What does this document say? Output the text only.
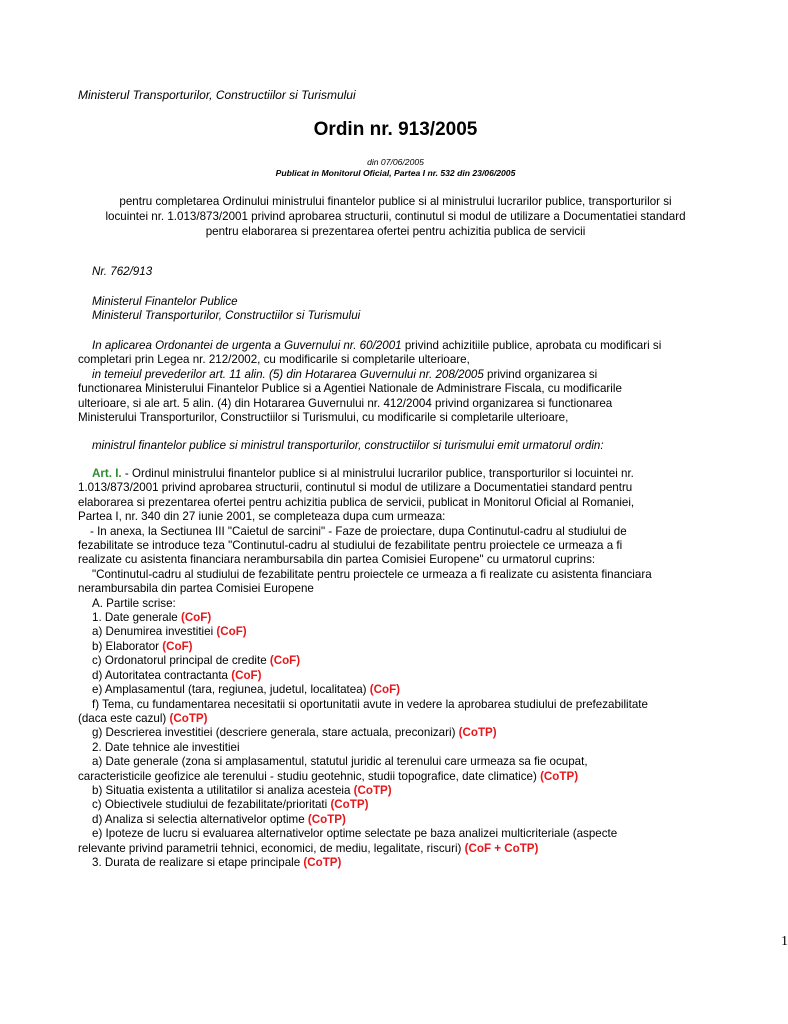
Ministerul Transporturilor, Constructiilor si Turismului
Ordin nr. 913/2005
din 07/06/2005
Publicat in Monitorul Oficial, Partea I nr. 532 din 23/06/2005
pentru completarea Ordinului ministrului finantelor publice si al ministrului lucrarilor publice, transporturilor si
locuintei nr. 1.013/873/2001 privind aprobarea structurii, continutul si modul de utilizare a Documentatiei standard
pentru elaborarea si prezentarea ofertei pentru achizitia publica de servicii
Nr. 762/913
Ministerul Finantelor Publice
Ministerul Transporturilor, Constructiilor si Turismului
In aplicarea Ordonantei de urgenta a Guvernului nr. 60/2001 privind achizitiile publice, aprobata cu modificari si
completari prin Legea nr. 212/2002, cu modificarile si completarile ulterioare,
in temeiul prevederilor art. 11 alin. (5) din Hotararea Guvernului nr. 208/2005 privind organizarea si
functionarea Ministerului Finantelor Publice si a Agentiei Nationale de Administrare Fiscala, cu modificarile
ulterioare, si ale art. 5 alin. (4) din Hotararea Guvernului nr. 412/2004 privind organizarea si functionarea
Ministerului Transporturilor, Constructiilor si Turismului, cu modificarile si completarile ulterioare,
ministrul finantelor publice si ministrul transporturilor, constructiilor si turismului emit urmatorul ordin:
Art. I. - Ordinul ministrului finantelor publice si al ministrului lucrarilor publice, transporturilor si locuintei nr.
1.013/873/2001 privind aprobarea structurii, continutul si modul de utilizare a Documentatiei standard pentru
elaborarea si prezentarea ofertei pentru achizitia publica de servicii, publicat in Monitorul Oficial al Romaniei,
Partea I, nr. 340 din 27 iunie 2001, se completeaza dupa cum urmeaza:
- In anexa, la Sectiunea III "Caietul de sarcini" - Faze de proiectare, dupa Continutul-cadru al studiului de
fezabilitate se introduce teza "Continutul-cadru al studiului de fezabilitate pentru proiectele ce urmeaza a fi
realizate cu asistenta financiara nerambursabila din partea Comisiei Europene" cu urmatorul cuprins:
"Continutul-cadru al studiului de fezabilitate pentru proiectele ce urmeaza a fi realizate cu asistenta financiara
nerambursabila din partea Comisiei Europene
A. Partile scrise:
1. Date generale (CoF)
a) Denumirea investitiei (CoF)
b) Elaborator (CoF)
c) Ordonatorul principal de credite (CoF)
d) Autoritatea contractanta (CoF)
e) Amplasamentul (tara, regiunea, judetul, localitatea) (CoF)
f) Tema, cu fundamentarea necesitatii si oportunitatii avute in vedere la aprobarea studiului de prefezabilitate
(daca este cazul) (CoTP)
g) Descrierea investitiei (descriere generala, stare actuala, preconizari) (CoTP)
2. Date tehnice ale investitiei
a) Date generale (zona si amplasamentul, statutul juridic al terenului care urmeaza sa fie ocupat,
caracteristicile geofizice ale terenului - studiu geotehnic, studii topografice, date climatice) (CoTP)
b) Situatia existenta a utilitatilor si analiza acesteia (CoTP)
c) Obiectivele studiului de fezabilitate/prioritati (CoTP)
d) Analiza si selectia alternativelor optime (CoTP)
e) Ipoteze de lucru si evaluarea alternativelor optime selectate pe baza analizei multicriteriale (aspecte
relevante privind parametrii tehnici, economici, de mediu, legalitate, riscuri) (CoF + CoTP)
3. Durata de realizare si etape principale (CoTP)
1
